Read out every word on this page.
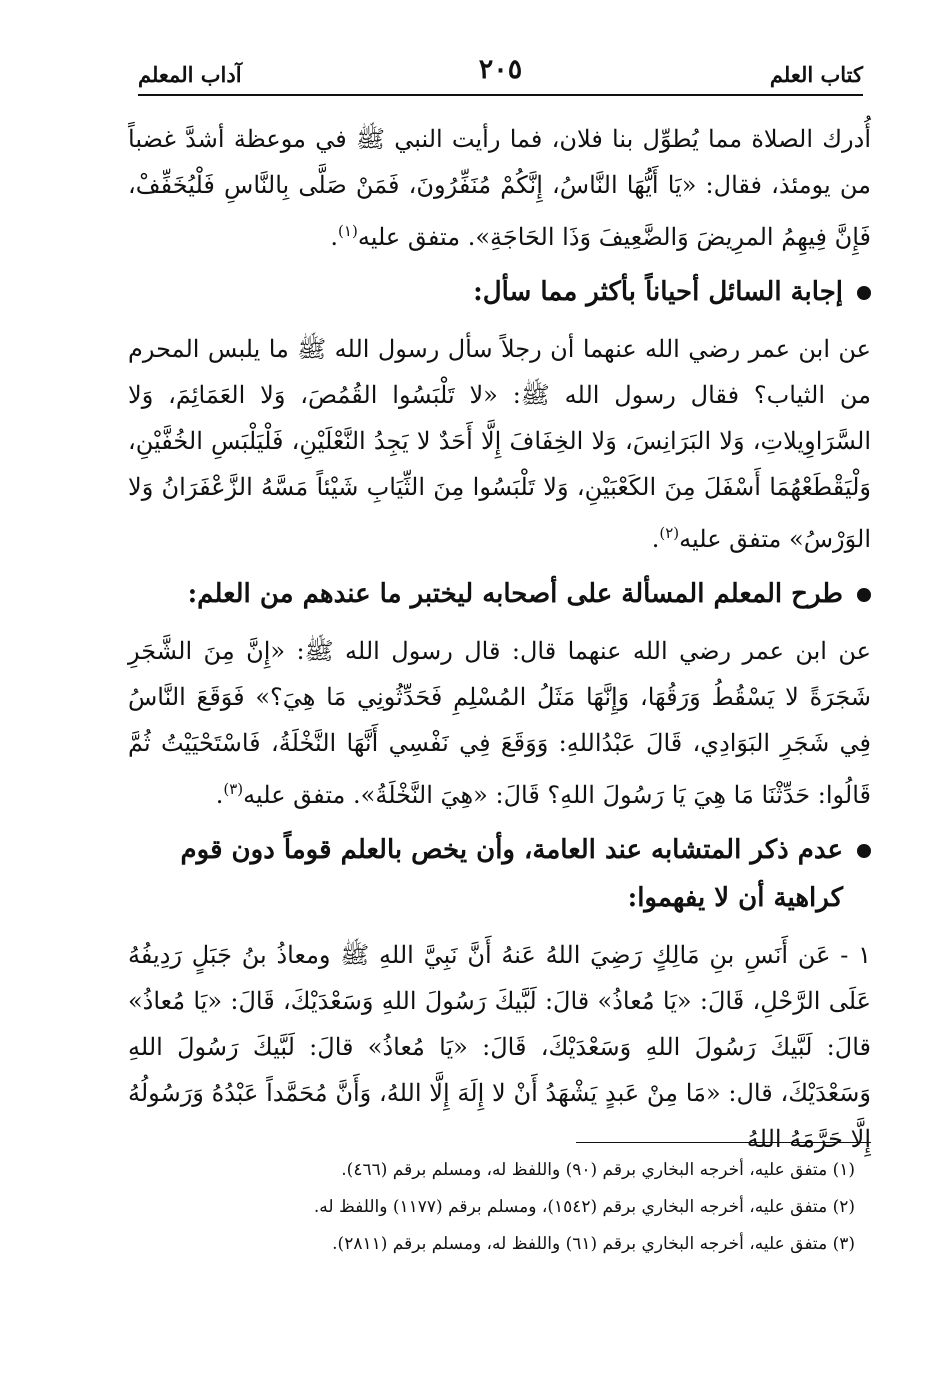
كتاب العلم
٢٠٥
آداب المعلم

أُدرك الصلاة مما يُطوِّل بنا فلان، فما رأيت النبي ﷺ في موعظة أشدَّ غضباً من يومئذ، فقال: «يَا أَيُّهَا النَّاسُ، إِنَّكُمْ مُنَفِّرُونَ، فَمَنْ صَلَّى بِالنَّاسِ فَلْيُخَفِّفْ، فَإِنَّ فِيهِمُ المرِيضَ وَالضَّعِيفَ وَذَا الحَاجَةِ». متفق عليه$^{(١)}$.

إجابة السائل أحياناً بأكثر مما سأل:

عن ابن عمر رضي الله عنهما أن رجلاً سأل رسول الله ﷺ ما يلبس المحرم من الثياب؟ فقال رسول الله ﷺ: «لا تَلْبَسُوا القُمُصَ، وَلا العَمَائِمَ، وَلا السَّرَاوِيلاتِ، وَلا البَرَانِسَ، وَلا الخِفَافَ إِلَّا أَحَدٌ لا يَجِدُ النَّعْلَيْنِ، فَلْيَلْبَسِ الخُفَّيْنِ، وَلْيَقْطَعْهُمَا أَسْفَلَ مِنَ الكَعْبَيْنِ، وَلا تَلْبَسُوا مِنَ الثِّيَابِ شَيْئاً مَسَّهُ الزَّعْفَرَانُ وَلا الوَرْسُ» متفق عليه$^{(٢)}$.

طرح المعلم المسألة على أصحابه ليختبر ما عندهم من العلم:

عن ابن عمر رضي الله عنهما قال: قال رسول الله ﷺ: «إِنَّ مِنَ الشَّجَرِ شَجَرَةً لا يَسْقُطُ وَرَقُهَا، وَإِنَّهَا مَثَلُ المُسْلِمِ فَحَدِّثُونِي مَا هِيَ؟» فَوَقَعَ النَّاسُ فِي شَجَرِ البَوَادِي، قَالَ عَبْدُاللهِ: وَوَقَعَ فِي نَفْسِي أَنَّهَا النَّخْلَةُ، فَاسْتَحْيَيْتُ ثُمَّ قَالُوا: حَدِّثْنَا مَا هِيَ يَا رَسُولَ اللهِ؟ قَالَ: «هِيَ النَّخْلَةُ». متفق عليه$^{(٣)}$.

عدم ذكر المتشابه عند العامة، وأن يخص بالعلم قوماً دون قوم كراهية أن لا يفهموا:

١ - عَن أَنَسِ بنِ مَالِكٍ رَضِيَ اللهُ عَنهُ أَنَّ نَبِيَّ اللهِ ﷺ ومعاذُ بنُ جَبَلٍ رَدِيفُهُ عَلَى الرَّحْلِ، قَالَ: «يَا مُعاذُ» قالَ: لَبَّيكَ رَسُولَ اللهِ وَسَعْدَيْكَ، قَالَ: «يَا مُعاذُ» قالَ: لَبَّيكَ رَسُولَ اللهِ وَسَعْدَيْكَ، قَالَ: «يَا مُعاذُ» قالَ: لَبَّيكَ رَسُولَ اللهِ وَسَعْدَيْكَ، قال: «مَا مِنْ عَبدٍ يَشْهَدُ أَنْ لا إِلَهَ إِلَّا اللهُ، وَأَنَّ مُحَمَّداً عَبْدُهُ وَرَسُولُهُ إِلَّا حَرَّمَهُ اللهُ

(١) متفق عليه، أخرجه البخاري برقم (٩٠) واللفظ له، ومسلم برقم (٤٦٦).

(٢) متفق عليه، أخرجه البخاري برقم (١٥٤٢)، ومسلم برقم (١١٧٧) واللفظ له.

(٣) متفق عليه، أخرجه البخاري برقم (٦١) واللفظ له، ومسلم برقم (٢٨١١).
